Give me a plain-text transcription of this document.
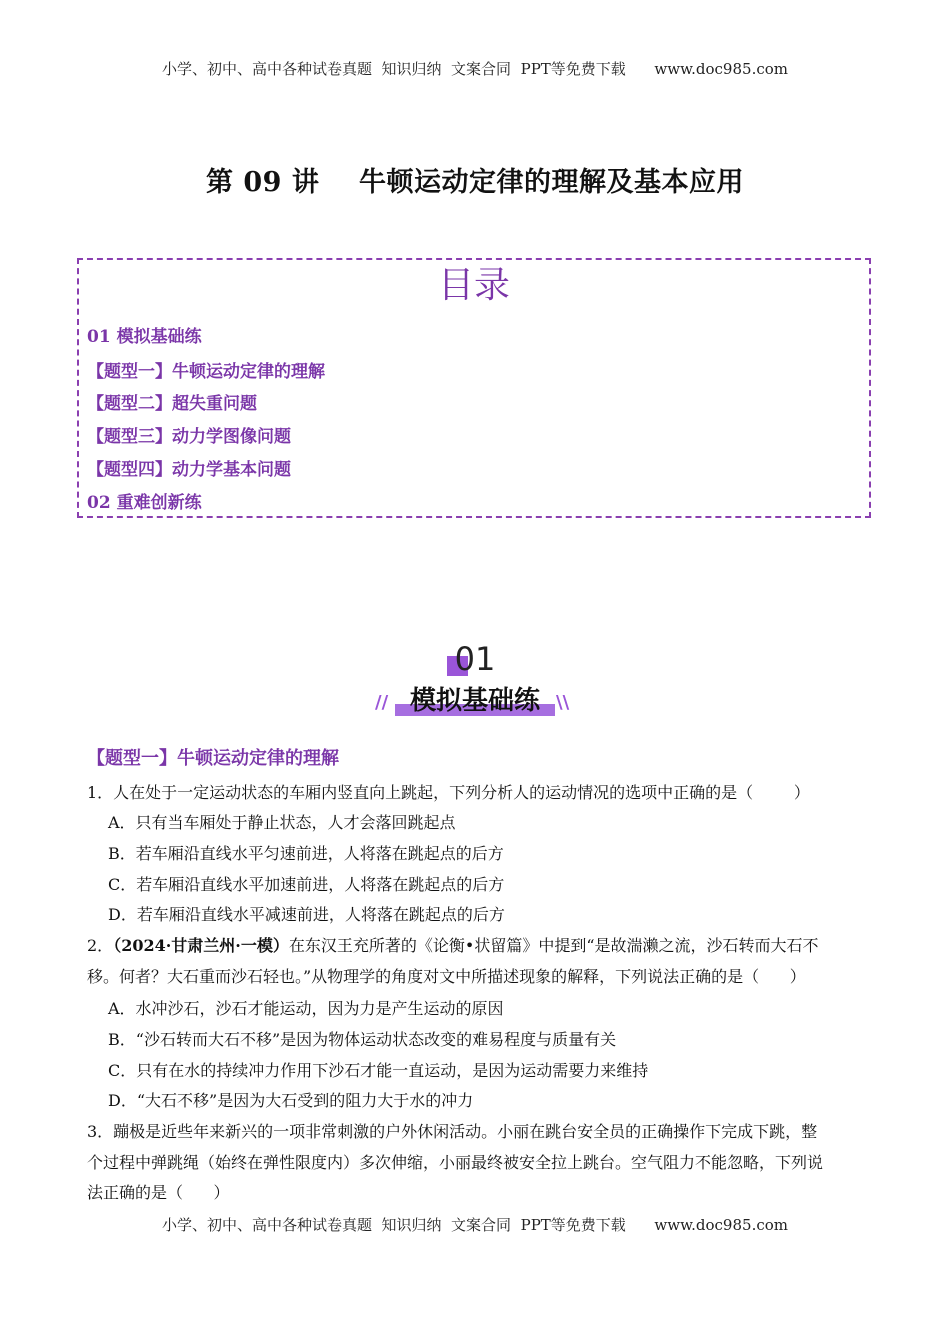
小学、初中、高中各种试卷真题  知识归纳  文案合同  PPT等免费下载      www.doc985.com
第 09 讲    牛顿运动定律的理解及基本应用
目录
01 模拟基础练
【题型一】牛顿运动定律的理解
【题型二】超失重问题
【题型三】动力学图像问题
【题型四】动力学基本问题
02 重难创新练
01
模拟基础练
//	\\
【题型一】牛顿运动定律的理解
1．人在处于一定运动状态的车厢内竖直向上跳起，下列分析人的运动情况的选项中正确的是（        ）
A．只有当车厢处于静止状态，人才会落回跳起点
B．若车厢沿直线水平匀速前进，人将落在跳起点的后方
C．若车厢沿直线水平加速前进，人将落在跳起点的后方
D．若车厢沿直线水平减速前进，人将落在跳起点的后方
2．（2024·甘肃兰州·一模）在东汉王充所著的《论衡•状留篇》中提到“是故湍濑之流，沙石转而大石不
移。何者？大石重而沙石轻也。”从物理学的角度对文中所描述现象的解释，下列说法正确的是（      ）
A．水冲沙石，沙石才能运动，因为力是产生运动的原因
B．“沙石转而大石不移”是因为物体运动状态改变的难易程度与质量有关
C．只有在水的持续冲力作用下沙石才能一直运动，是因为运动需要力来维持
D．“大石不移”是因为大石受到的阻力大于水的冲力
3．蹦极是近些年来新兴的一项非常刺激的户外休闲活动。小丽在跳台安全员的正确操作下完成下跳，整
个过程中弹跳绳（始终在弹性限度内）多次伸缩，小丽最终被安全拉上跳台。空气阻力不能忽略，下列说
法正确的是（      ）
小学、初中、高中各种试卷真题  知识归纳  文案合同  PPT等免费下载      www.doc985.com
